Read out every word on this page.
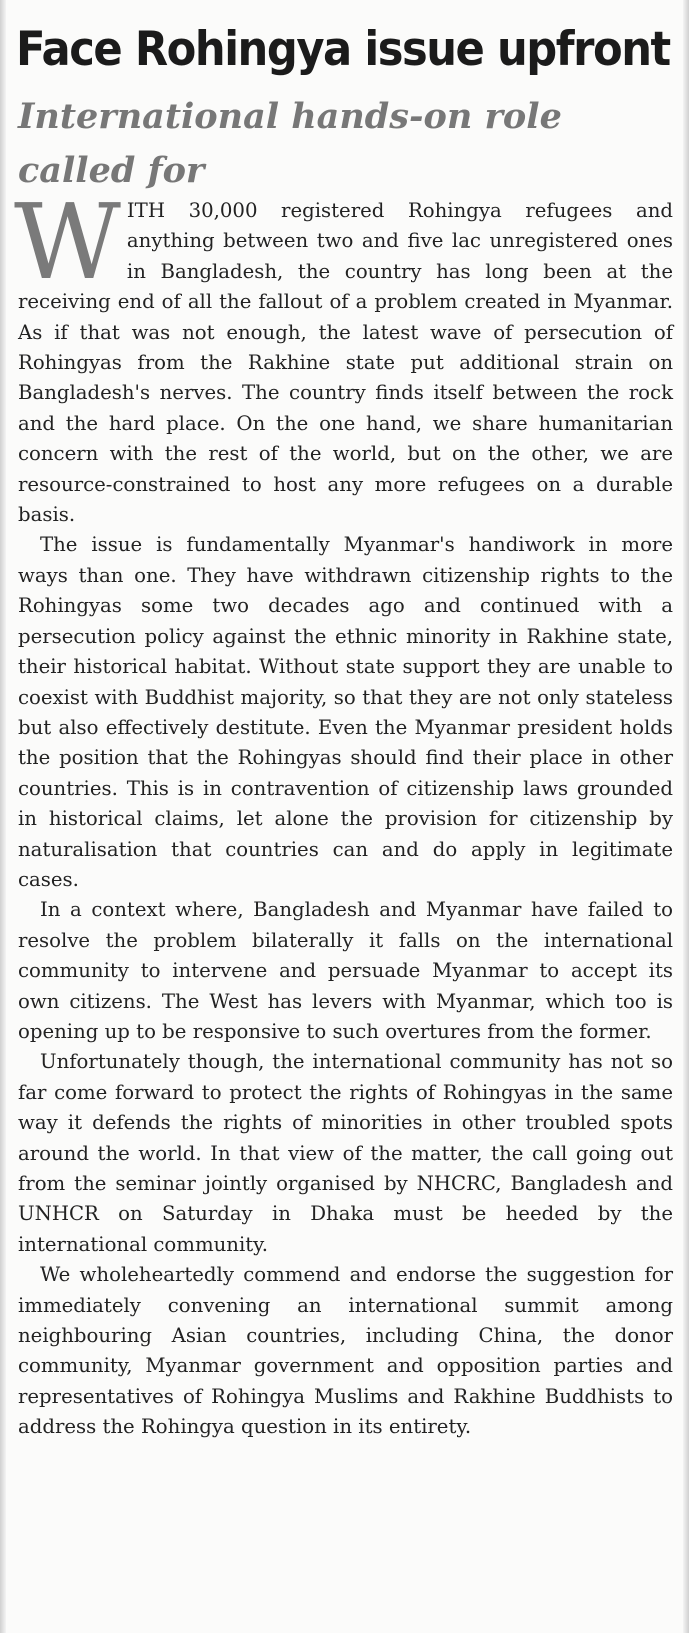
Face Rohingya issue upfront
International hands-on role called for

WITH 30,000 registered Rohingya refugees and anything between two and five lac unregistered ones in Bangladesh, the country has long been at the receiving end of all the fallout of a problem created in Myanmar. As if that was not enough, the latest wave of persecution of Rohingyas from the Rakhine state put additional strain on Bangladesh's nerves. The country finds itself between the rock and the hard place. On the one hand, we share humanitarian concern with the rest of the world, but on the other, we are resource-constrained to host any more refugees on a durable basis.

The issue is fundamentally Myanmar's handiwork in more ways than one. They have withdrawn citizenship rights to the Rohingyas some two decades ago and continued with a persecution policy against the ethnic minority in Rakhine state, their historical habitat. Without state support they are unable to coexist with Buddhist majority, so that they are not only stateless but also effectively destitute. Even the Myanmar president holds the position that the Rohingyas should find their place in other countries. This is in contravention of citizenship laws grounded in historical claims, let alone the provision for citizenship by naturalisation that countries can and do apply in legitimate cases.

In a context where, Bangladesh and Myanmar have failed to resolve the problem bilaterally it falls on the international community to intervene and persuade Myanmar to accept its own citizens. The West has levers with Myanmar, which too is opening up to be responsive to such overtures from the former.

Unfortunately though, the international community has not so far come forward to protect the rights of Rohingyas in the same way it defends the rights of minorities in other troubled spots around the world. In that view of the matter, the call going out from the seminar jointly organised by NHCRC, Bangladesh and UNHCR on Saturday in Dhaka must be heeded by the international community.

We wholeheartedly commend and endorse the suggestion for immediately convening an international summit among neighbouring Asian countries, including China, the donor community, Myanmar government and opposition parties and representatives of Rohingya Muslims and Rakhine Buddhists to address the Rohingya question in its entirety.
